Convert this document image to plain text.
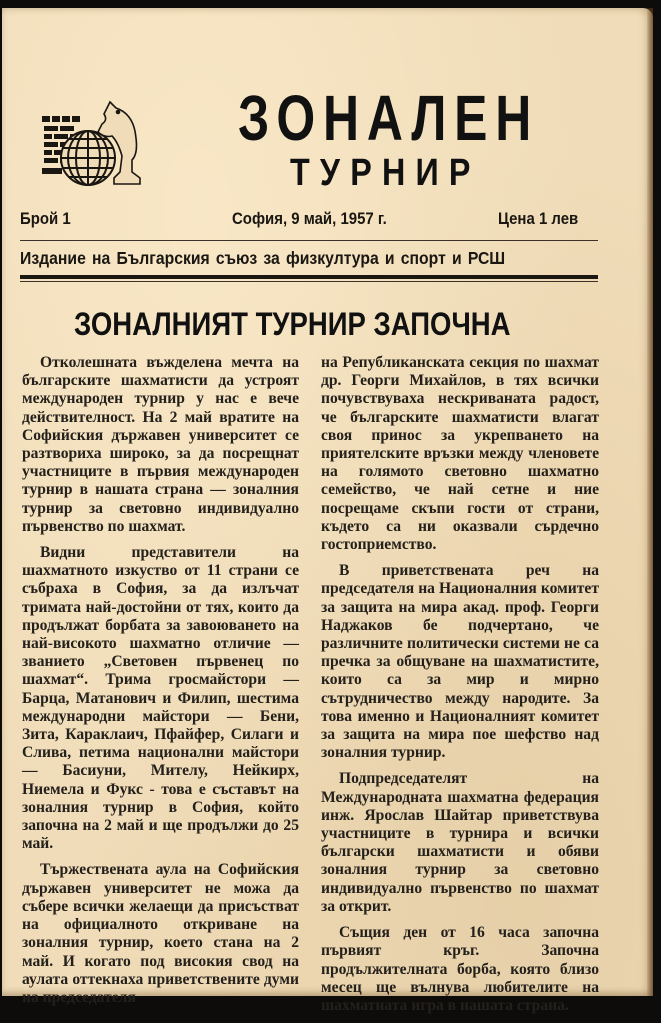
ЗОНАЛЕН
ТУРНИР
Брой 1	София, 9 май, 1957 г.	Цена 1 лев
Издание на Българския съюз за физкултура и спорт и РСШ
ЗОНАЛНИЯТ ТУРНИР ЗАПОЧНА

Отколешната въжделена мечта на българските шахматисти да устроят международен турнир у нас е вече действителност. На 2 май вратите на Софийския държавен университет се разтвориха широко, за да посрещнат участниците в първия международен турнир в нашата страна — зоналния турнир за световно индивидуално първенство по шахмат.

Видни представители на шахматното изкуство от 11 страни се събраха в София, за да излъчат тримата най-достойни от тях, които да продължат борбата за завоюването на най-високото шахматно отличие — званието „Световен първенец по шахмат“. Трима гросмайстори — Барца, Матанович и Филип, шестима международни майстори — Бени, Зита, Караклаич, Пфайфер, Силаги и Слива, петима национални майстори — Басиуни, Мителу, Нейкирх, Ниемела и Фукс - това е съставът на зоналния турнир в София, който започна на 2 май и ще продължи до 25 май.

Тържествената аула на Софийския държавен университет не можа да събере всички желаещи да присъстват на официалното откриване на зоналния турнир, което стана на 2 май. И когато под високия свод на аулата оттекнаха приветствените думи на председателя

на Републиканската секция по шахмат др. Георги Михайлов, в тях всички почувствуваха нескриваната радост, че българските шахматисти влагат своя принос за укрепването на приятелските връзки между членовете на голямото световно шахматно семейство, че най сетне и ние посрещаме скъпи гости от страни, където са ни оказвали сърдечно гостоприемство.

В приветствената реч на председателя на Националния комитет за защита на мира акад. проф. Георги Наджаков бе подчертано, че различните политически системи не са пречка за общуване на шахматистите, които са за мир и мирно сътрудничество между народите. За това именно и Националният комитет за защита на мира пое шефство над зоналния турнир.

Подпредседателят на Международната шахматна федерация инж. Ярослав Шайтар приветствува участниците в турнира и всички български шахматисти и обяви зоналния турнир за световно индивидуално първенство по шахмат за открит.

Същия ден от 16 часа започна първият кръг. Започна продължителната борба, която близо месец ще вълнува любителите на шахматната игра в нашата страна.
